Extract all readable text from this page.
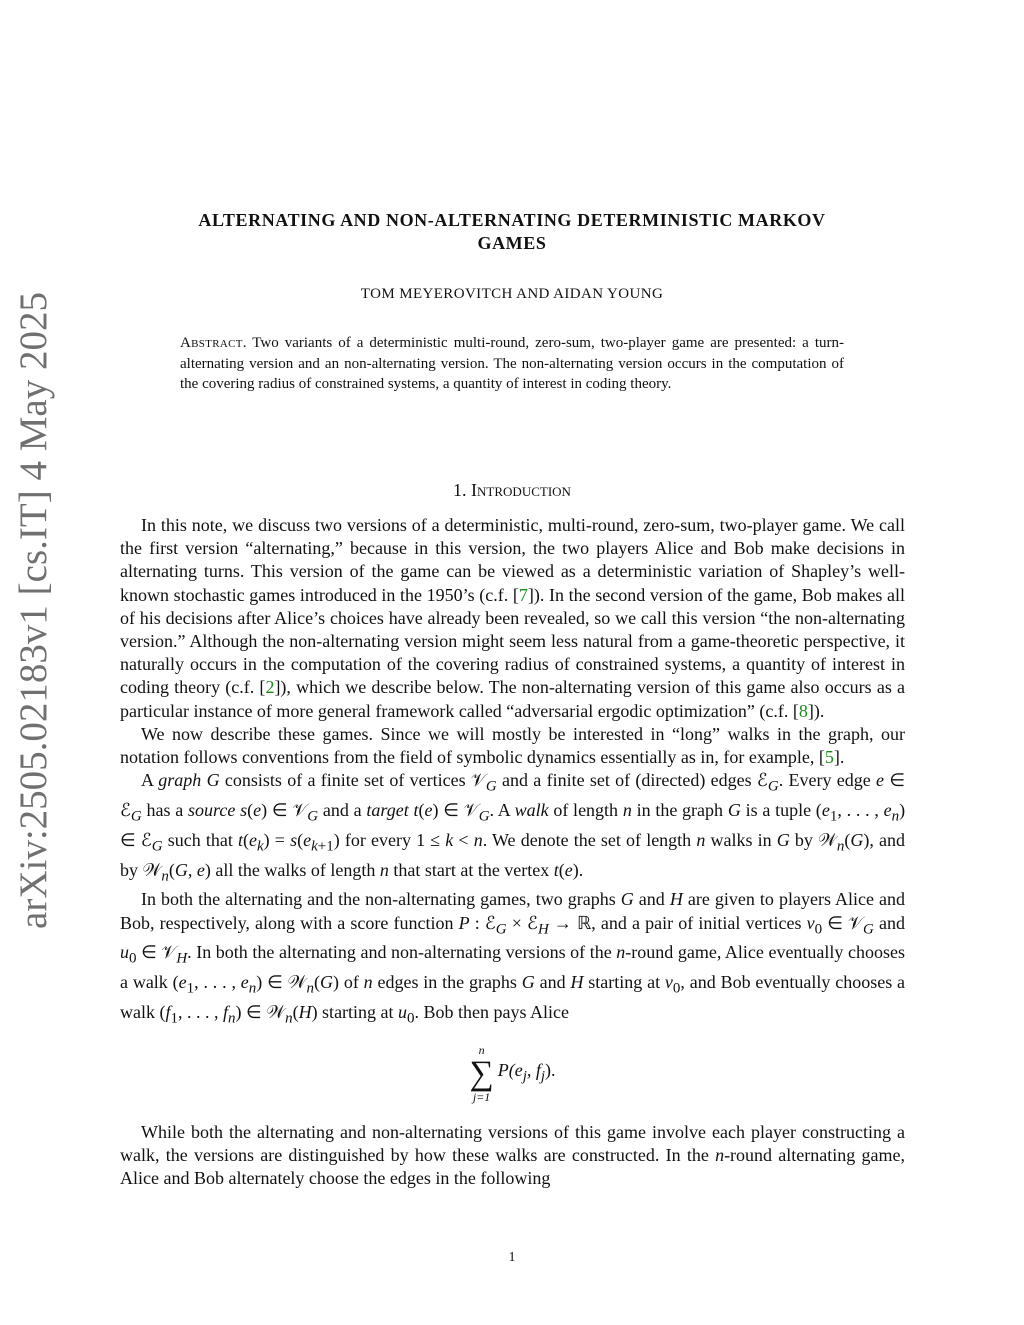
arXiv:2505.02183v1 [cs.IT] 4 May 2025
ALTERNATING AND NON-ALTERNATING DETERMINISTIC MARKOV
GAMES
TOM MEYEROVITCH AND AIDAN YOUNG
Abstract. Two variants of a deterministic multi-round, zero-sum, two-player game are presented: a turn-alternating version and an non-alternating version. The non-alternating version occurs in the computation of the covering radius of constrained systems, a quantity of interest in coding theory.
1. Introduction

In this note, we discuss two versions of a deterministic, multi-round, zero-sum, two-player game. We call the first version “alternating,” because in this version, the two players Alice and Bob make decisions in alternating turns. This version of the game can be viewed as a deterministic variation of Shapley’s well-known stochastic games introduced in the 1950’s (c.f. [7]). In the second version of the game, Bob makes all of his decisions after Alice’s choices have already been revealed, so we call this version “the non-alternating version.” Although the non-alternating version might seem less natural from a game-theoretic perspective, it naturally occurs in the computation of the covering radius of constrained systems, a quantity of interest in coding theory (c.f. [2]), which we describe below. The non-alternating version of this game also occurs as a particular instance of more general framework called “adversarial ergodic optimization” (c.f. [8]).

We now describe these games. Since we will mostly be interested in “long” walks in the graph, our notation follows conventions from the field of symbolic dynamics essentially as in, for example, [5].

A graph G consists of a finite set of vertices 𝒱$_G$ and a finite set of (directed) edges ℰ$_G$. Every edge e ∈ ℰ$_G$ has a source s(e) ∈ 𝒱$_G$ and a target t(e) ∈ 𝒱$_G$. A walk of length n in the graph G is a tuple ($e_1$, . . . , $e_n$) ∈ ℰ$_G$ such that $t(e_k) = s(e_{k+1})$ for every 1 ≤ k < n. We denote the set of length n walks in G by 𝒲$_n$(G), and by 𝒲$_n$(G, e) all the walks of length n that start at the vertex t(e).

In both the alternating and the non-alternating games, two graphs G and H are given to players Alice and Bob, respectively, along with a score function P : ℰ$_G$ × ℰ$_H$ → ℝ, and a pair of initial vertices $v_0$ ∈ 𝒱$_G$ and $u_0$ ∈ 𝒱$_H$. In both the alternating and non-alternating versions of the n-round game, Alice eventually chooses a walk ($e_1$, . . . , $e_n$) ∈ 𝒲$_n$(G) of n edges in the graphs G and H starting at $v_0$, and Bob eventually chooses a walk ($f_1$, . . . , $f_n$) ∈ 𝒲$_n$(H) starting at $u_0$. Bob then pays Alice

n
∑
j=1
$P(e_j$, $f_j$).

While both the alternating and non-alternating versions of this game involve each player constructing a walk, the versions are distinguished by how these walks are constructed. In the n-round alternating game, Alice and Bob alternately choose the edges in the following

1
